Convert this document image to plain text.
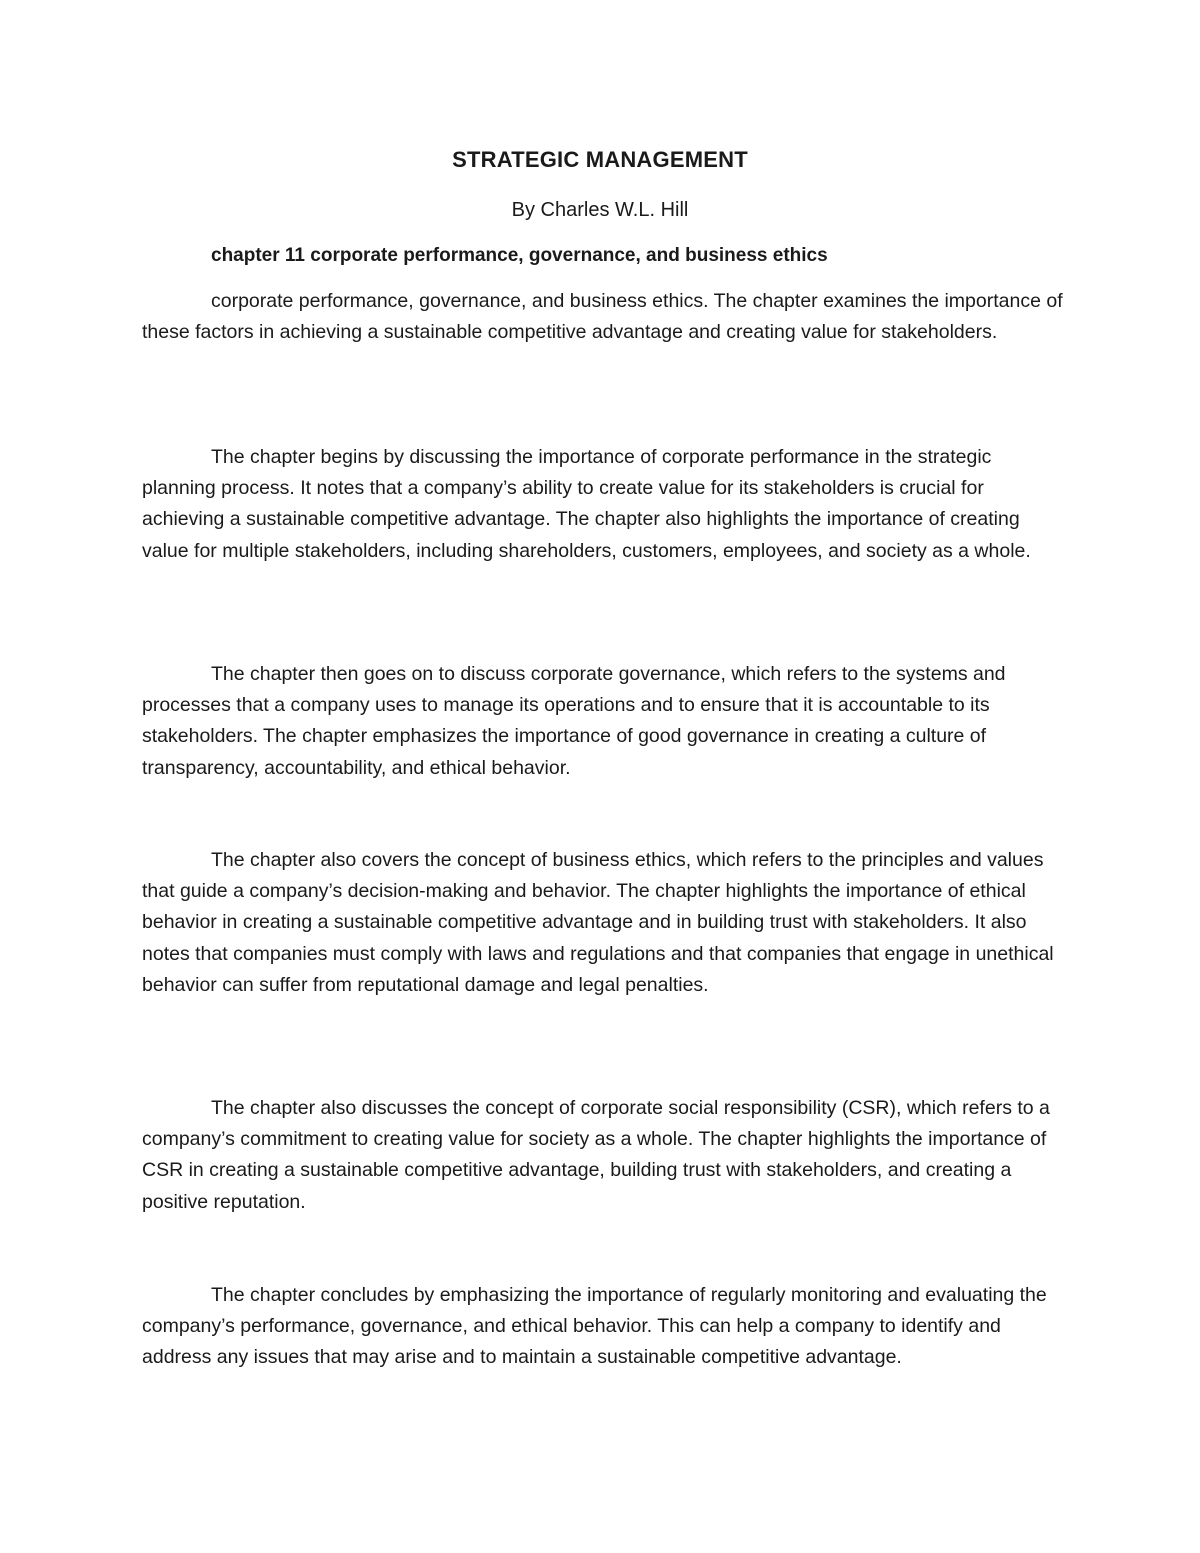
STRATEGIC MANAGEMENT
By Charles W.L. Hill
chapter 11 corporate performance, governance, and business ethics

corporate performance, governance, and business ethics. The chapter examines the importance of these factors in achieving a sustainable competitive advantage and creating value for stakeholders.

The chapter begins by discussing the importance of corporate performance in the strategic planning process. It notes that a company’s ability to create value for its stakeholders is crucial for achieving a sustainable competitive advantage. The chapter also highlights the importance of creating value for multiple stakeholders, including shareholders, customers, employees, and society as a whole.

The chapter then goes on to discuss corporate governance, which refers to the systems and processes that a company uses to manage its operations and to ensure that it is accountable to its stakeholders. The chapter emphasizes the importance of good governance in creating a culture of transparency, accountability, and ethical behavior.

The chapter also covers the concept of business ethics, which refers to the principles and values that guide a company’s decision-making and behavior. The chapter highlights the importance of ethical behavior in creating a sustainable competitive advantage and in building trust with stakeholders. It also notes that companies must comply with laws and regulations and that companies that engage in unethical behavior can suffer from reputational damage and legal penalties.

The chapter also discusses the concept of corporate social responsibility (CSR), which refers to a company’s commitment to creating value for society as a whole. The chapter highlights the importance of CSR in creating a sustainable competitive advantage, building trust with stakeholders, and creating a positive reputation.

The chapter concludes by emphasizing the importance of regularly monitoring and evaluating the company’s performance, governance, and ethical behavior. This can help a company to identify and address any issues that may arise and to maintain a sustainable competitive advantage.
